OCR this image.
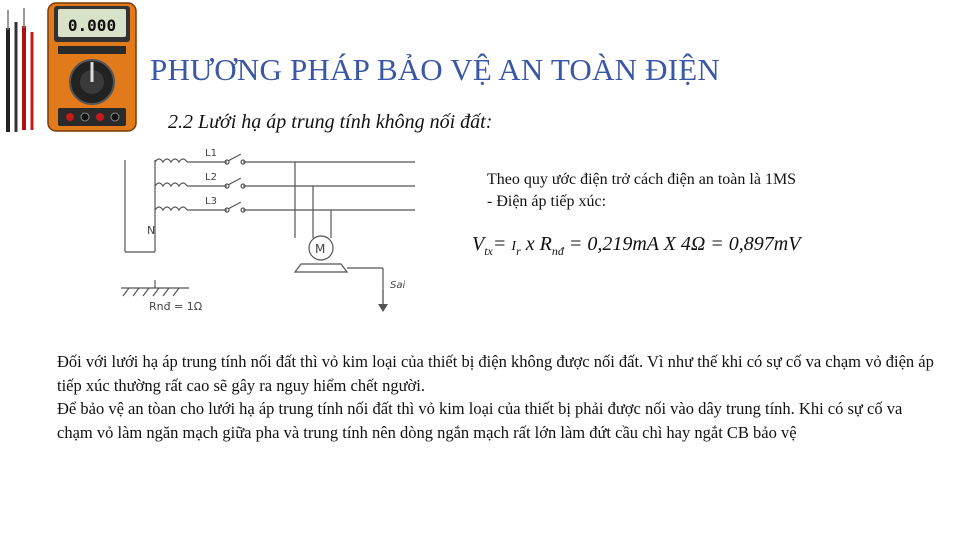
0.000
PHƯƠNG PHÁP BẢO VỆ AN TOÀN ĐIỆN
2.2 Lưới hạ áp trung tính không nối đất:
L1
L2
L3
N
M
Sai
Rnđ = 1Ω
Theo quy ước điện trở cách điện an toàn là 1MS
- Điện áp tiếp xúc:
$V_{tx}= I_r$ x $R_{nđ} = 0,219mA$ X 4Ω = 0,897mV

Đối với lưới hạ áp trung tính nối đất thì vỏ kim loại của thiết bị điện không được nối đất. Vì như thế khi có sự cố va chạm vỏ điện áp tiếp xúc thường rất cao sẽ gây ra nguy hiểm chết người.

Để bảo vệ an tòan cho lưới hạ áp trung tính nối đất thì vỏ kim loại của thiết bị phải được nối vào dây trung tính. Khi có sự cố va chạm vỏ làm ngăn mạch giữa pha và trung tính nên dòng ngắn mạch rất lớn làm đứt cầu chì hay ngắt CB bảo vệ
